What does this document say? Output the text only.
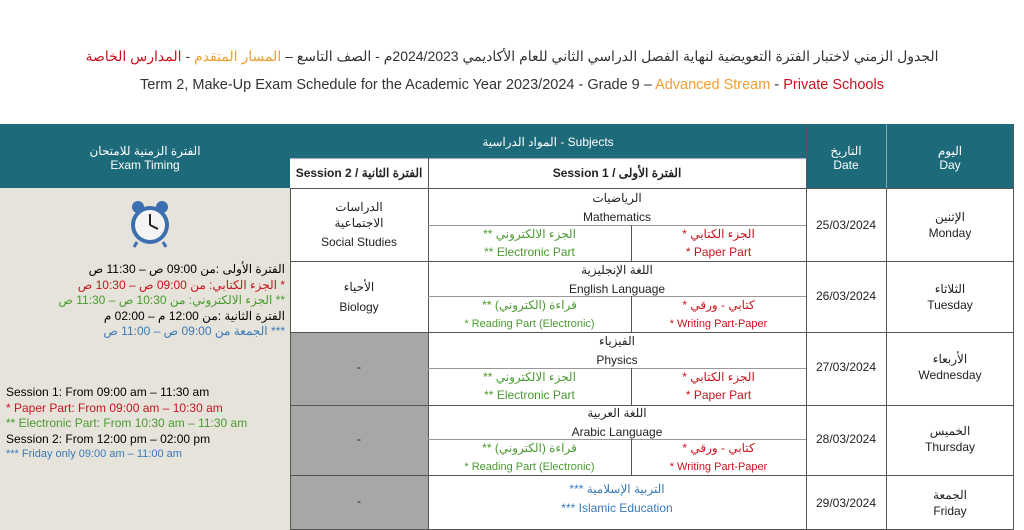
الجدول الزمني لاختبار الفترة التعويضية لنهاية الفصل الدراسي الثاني للعام الأكاديمي 2024/2023م - الصف التاسع – المسار المتقدم - المدارس الخاصة
Term 2, Make-Up Exam Schedule for the Academic Year 2023/2024 - Grade 9 – Advanced Stream - Private Schools
الفترة الزمنية للامتحان
Exam Timing
المواد الدراسية - Subjects
Session 2 / الفترة الثانية	Session 1 / الفترة الأولى
التاريخ
Date
اليوم
Day
الفترة الأولى :من 09:00 ص – 11:30 ص
* الجزء الكتابي: من 09:00 ص – 10:30 ص
** الجزء الالكتروني: من 10:30 ص – 11:30 ص
الفترة الثانية :من 12:00 م – 02:00 م
*** الجمعة من 09:00 ص – 11:00 ص
Session 1: From 09:00 am – 11:30 am
* Paper Part: From 09:00 am – 10:30 am
** Electronic Part: From 10:30 am – 11:30 am
Session 2: From 12:00 pm – 02:00 pm
*** Friday only 09:00 am – 11:00 am
الإثنين
Monday
25/03/2024
الدراسات
الاجتماعية
Social Studies
الرياضيات
Mathematics
** الجزء الالكتروني
** Electronic Part
* الجزء الكتابي
* Paper Part
الثلاثاء
Tuesday
26/03/2024
الأحياء
Biology
اللغة الإنجليزية
English Language
** قراءة (الكتروني)
* Reading Part (Electronic)
* كتابي - ورقي
* Writing Part-Paper
الأربعاء
Wednesday
27/03/2024
-
الفيزياء
Physics
** الجزء الالكتروني
** Electronic Part
* الجزء الكتابي
* Paper Part
الخميس
Thursday
28/03/2024
-
اللغة العربية
Arabic Language
** قراءة (الكتروني)
* Reading Part (Electronic)
* كتابي - ورقي
* Writing Part-Paper
الجمعة
Friday
29/03/2024
-
*** التربية الإسلامية
*** Islamic Education
